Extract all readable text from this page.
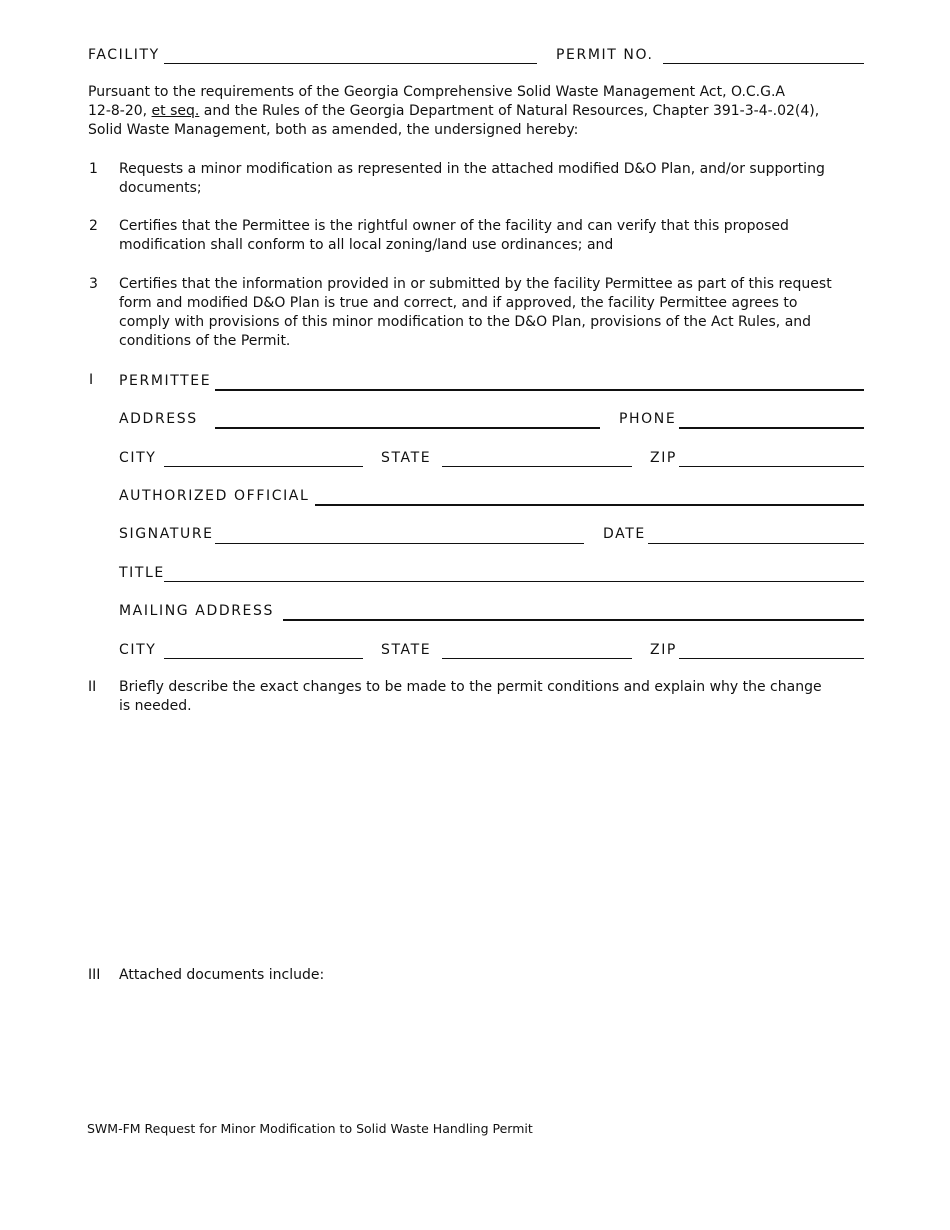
FACILITY	PERMIT NO.
Pursuant to the requirements of the Georgia Comprehensive Solid Waste Management Act, O.C.G.A
12-8-20, et seq. and the Rules of the Georgia Department of Natural Resources, Chapter 391-3-4-.02(4),
Solid Waste Management, both as amended, the undersigned hereby:
1 Requests a minor modification as represented in the attached modified D&O Plan, and/or supporting
documents;
2 Certifies that the Permittee is the rightful owner of the facility and can verify that this proposed
modification shall conform to all local zoning/land use ordinances; and
3 Certifies that the information provided in or submitted by the facility Permittee as part of this request
form and modified D&O Plan is true and correct, and if approved, the facility Permittee agrees to
comply with provisions of this minor modification to the D&O Plan, provisions of the Act Rules, and
conditions of the Permit.
I PERMITTEE
ADDRESS	PHONE
CITY	STATE	ZIP
AUTHORIZED OFFICIAL
SIGNATURE	DATE
TITLE
MAILING ADDRESS
CITY	STATE	ZIP
II Briefly describe the exact changes to be made to the permit conditions and explain why the change
is needed.
III Attached documents include:
SWM-FM Request for Minor Modification to Solid Waste Handling Permit
